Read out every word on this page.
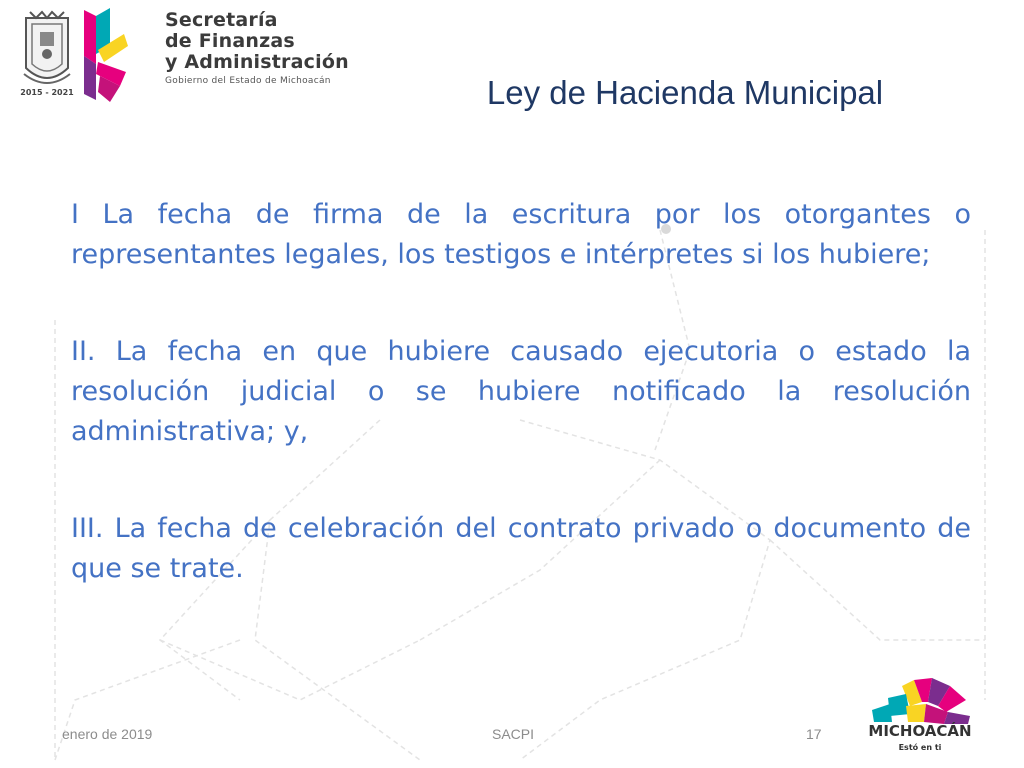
2015 - 2021
Secretaría
de Finanzas
y Administración
Gobierno del Estado de Michoacán	Ley de Hacienda Municipal

I La fecha de firma de la escritura por los otorgantes o representantes legales, los testigos e intérpretes si los hubiere;

II. La fecha en que hubiere causado ejecutoria o estado la resolución judicial o se hubiere notificado la resolución administrativa; y,

III. La fecha de celebración del contrato privado o documento de que se trate.

enero de 2019	SACPI	17	MICHOACÁN
Estó en ti
